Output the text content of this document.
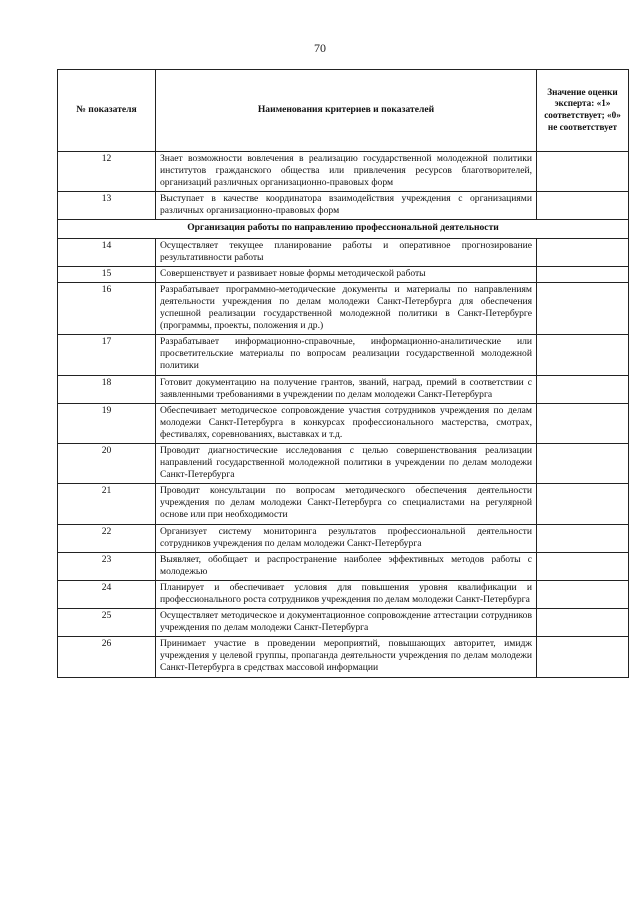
70
№ показателя	Наименования критериев и показателей	Значение оценки эксперта: «1» соответствует; «0» не соответствует
12	Знает возможности вовлечения в реализацию государственной молодежной политики институтов гражданского общества или привлечения ресурсов благотворителей, организаций различных организационно-правовых форм	
13	Выступает в качестве координатора взаимодействия учреждения с организациями различных организационно-правовых форм	
Организация работы по направлению профессиональной деятельности		
14	Осуществляет текущее планирование работы и оперативное прогнозирование результативности работы	
15	Совершенствует и развивает новые формы методической работы	
16	Разрабатывает программно-методические документы и материалы по направлениям деятельности учреждения по делам молодежи Санкт-Петербурга для обеспечения успешной реализации государственной молодежной политики в Санкт-Петербурге (программы, проекты, положения и др.)	
17	Разрабатывает информационно-справочные, информационно-аналитические или просветительские материалы по вопросам реализации государственной молодежной политики	
18	Готовит документацию на получение грантов, званий, наград, премий в соответствии с заявленными требованиями в учреждении по делам молодежи Санкт-Петербурга	
19	Обеспечивает методическое сопровождение участия сотрудников учреждения по делам молодежи Санкт-Петербурга в конкурсах профессионального мастерства, смотрах, фестивалях, соревнованиях, выставках и т.д.	
20	Проводит диагностические исследования с целью совершенствования реализации направлений государственной молодежной политики в учреждении по делам молодежи Санкт-Петербурга	
21	Проводит консультации по вопросам методического обеспечения деятельности учреждения по делам молодежи Санкт-Петербурга со специалистами на регулярной основе или при необходимости	
22	Организует систему мониторинга результатов профессиональной деятельности сотрудников учреждения по делам молодежи Санкт-Петербурга	
23	Выявляет, обобщает и распространение наиболее эффективных методов работы с молодежью	
24	Планирует и обеспечивает условия для повышения уровня квалификации и профессионального роста сотрудников учреждения по делам молодежи Санкт-Петербурга	
25	Осуществляет методическое и документационное сопровождение аттестации сотрудников учреждения по делам молодежи Санкт-Петербурга	
26	Принимает участие в проведении мероприятий, повышающих авторитет, имидж учреждения у целевой группы, пропаганда деятельности учреждения по делам молодежи Санкт-Петербурга в средствах массовой информации	
